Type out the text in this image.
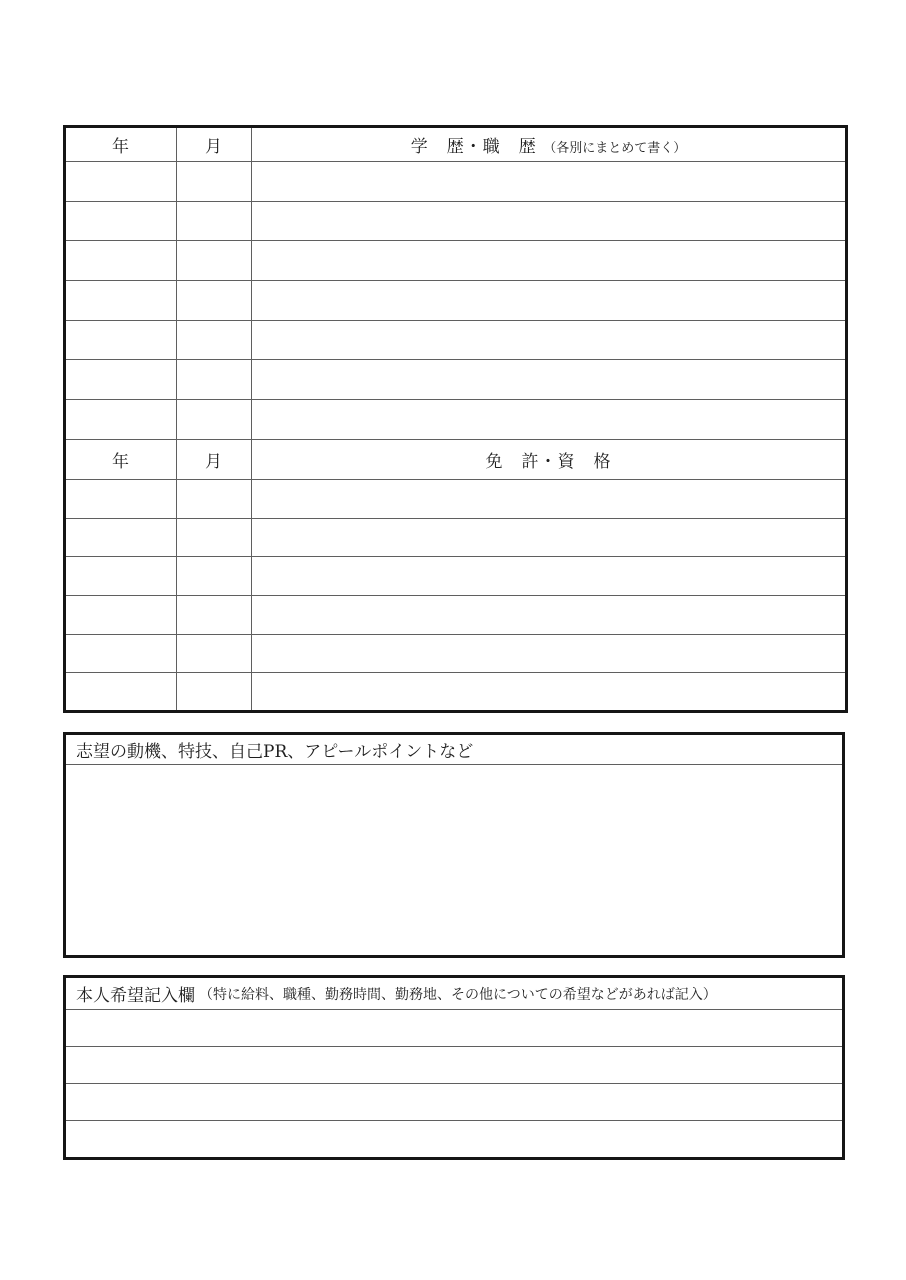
年	月	学　歴・職　歴 （各別にまとめて書く）

年	月	免　許・資　格

志望の動機、特技、自己PR、アピールポイントなど
本人希望記入欄 （特に給料、職種、勤務時間、勤務地、その他についての希望などがあれば記入）
